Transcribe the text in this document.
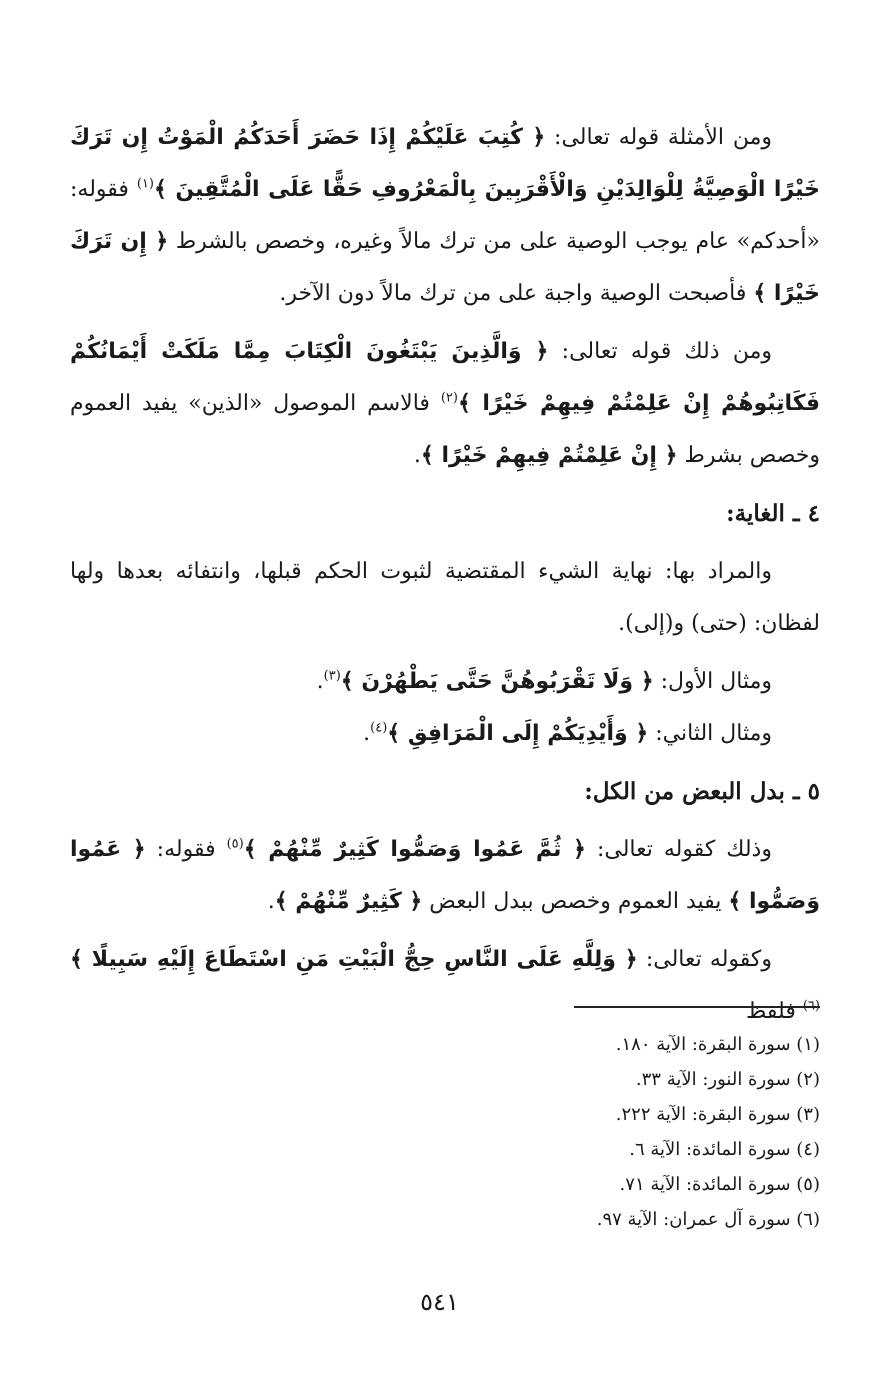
ومن الأمثلة قوله تعالى: ﴿ كُتِبَ عَلَيْكُمْ إِذَا حَضَرَ أَحَدَكُمُ الْمَوْتُ إِن تَرَكَ خَيْرًا الْوَصِيَّةُ لِلْوَالِدَيْنِ وَالْأَقْرَبِينَ بِالْمَعْرُوفِ حَقًّا عَلَى الْمُتَّقِينَ ﴾$^{(١)}$ فقوله: «أحدكم» عام يوجب الوصية على من ترك مالاً وغيره، وخصص بالشرط ﴿ إِن تَرَكَ خَيْرًا ﴾ فأصبحت الوصية واجبة على من ترك مالاً دون الآخر.

ومن ذلك قوله تعالى: ﴿ وَالَّذِينَ يَبْتَغُونَ الْكِتَابَ مِمَّا مَلَكَتْ أَيْمَانُكُمْ فَكَاتِبُوهُمْ إِنْ عَلِمْتُمْ فِيهِمْ خَيْرًا ﴾$^{(٢)}$ فالاسم الموصول «الذين» يفيد العموم وخصص بشرط ﴿ إِنْ عَلِمْتُمْ فِيهِمْ خَيْرًا ﴾.

٤ ـ الغاية:

والمراد بها: نهاية الشيء المقتضية لثبوت الحكم قبلها، وانتفائه بعدها ولها لفظان: (حتى) و(إلى).

ومثال الأول: ﴿ وَلَا تَقْرَبُوهُنَّ حَتَّى يَطْهُرْنَ ﴾$^{(٣)}$.

ومثال الثاني: ﴿ وَأَيْدِيَكُمْ إِلَى الْمَرَافِقِ ﴾$^{(٤)}$.

٥ ـ بدل البعض من الكل:

وذلك كقوله تعالى: ﴿ ثُمَّ عَمُوا وَصَمُّوا كَثِيرٌ مِّنْهُمْ ﴾$^{(٥)}$ فقوله: ﴿ عَمُوا وَصَمُّوا ﴾ يفيد العموم وخصص ببدل البعض ﴿ كَثِيرٌ مِّنْهُمْ ﴾.

وكقوله تعالى: ﴿ وَلِلَّهِ عَلَى النَّاسِ حِجُّ الْبَيْتِ مَنِ اسْتَطَاعَ إِلَيْهِ سَبِيلًا ﴾$^{(٦)}$ فلفظ

(١) سورة البقرة: الآية ١٨٠.
(٢) سورة النور: الآية ٣٣.
(٣) سورة البقرة: الآية ٢٢٢.
(٤) سورة المائدة: الآية ٦.
(٥) سورة المائدة: الآية ٧١.
(٦) سورة آل عمران: الآية ٩٧.
٥٤١
